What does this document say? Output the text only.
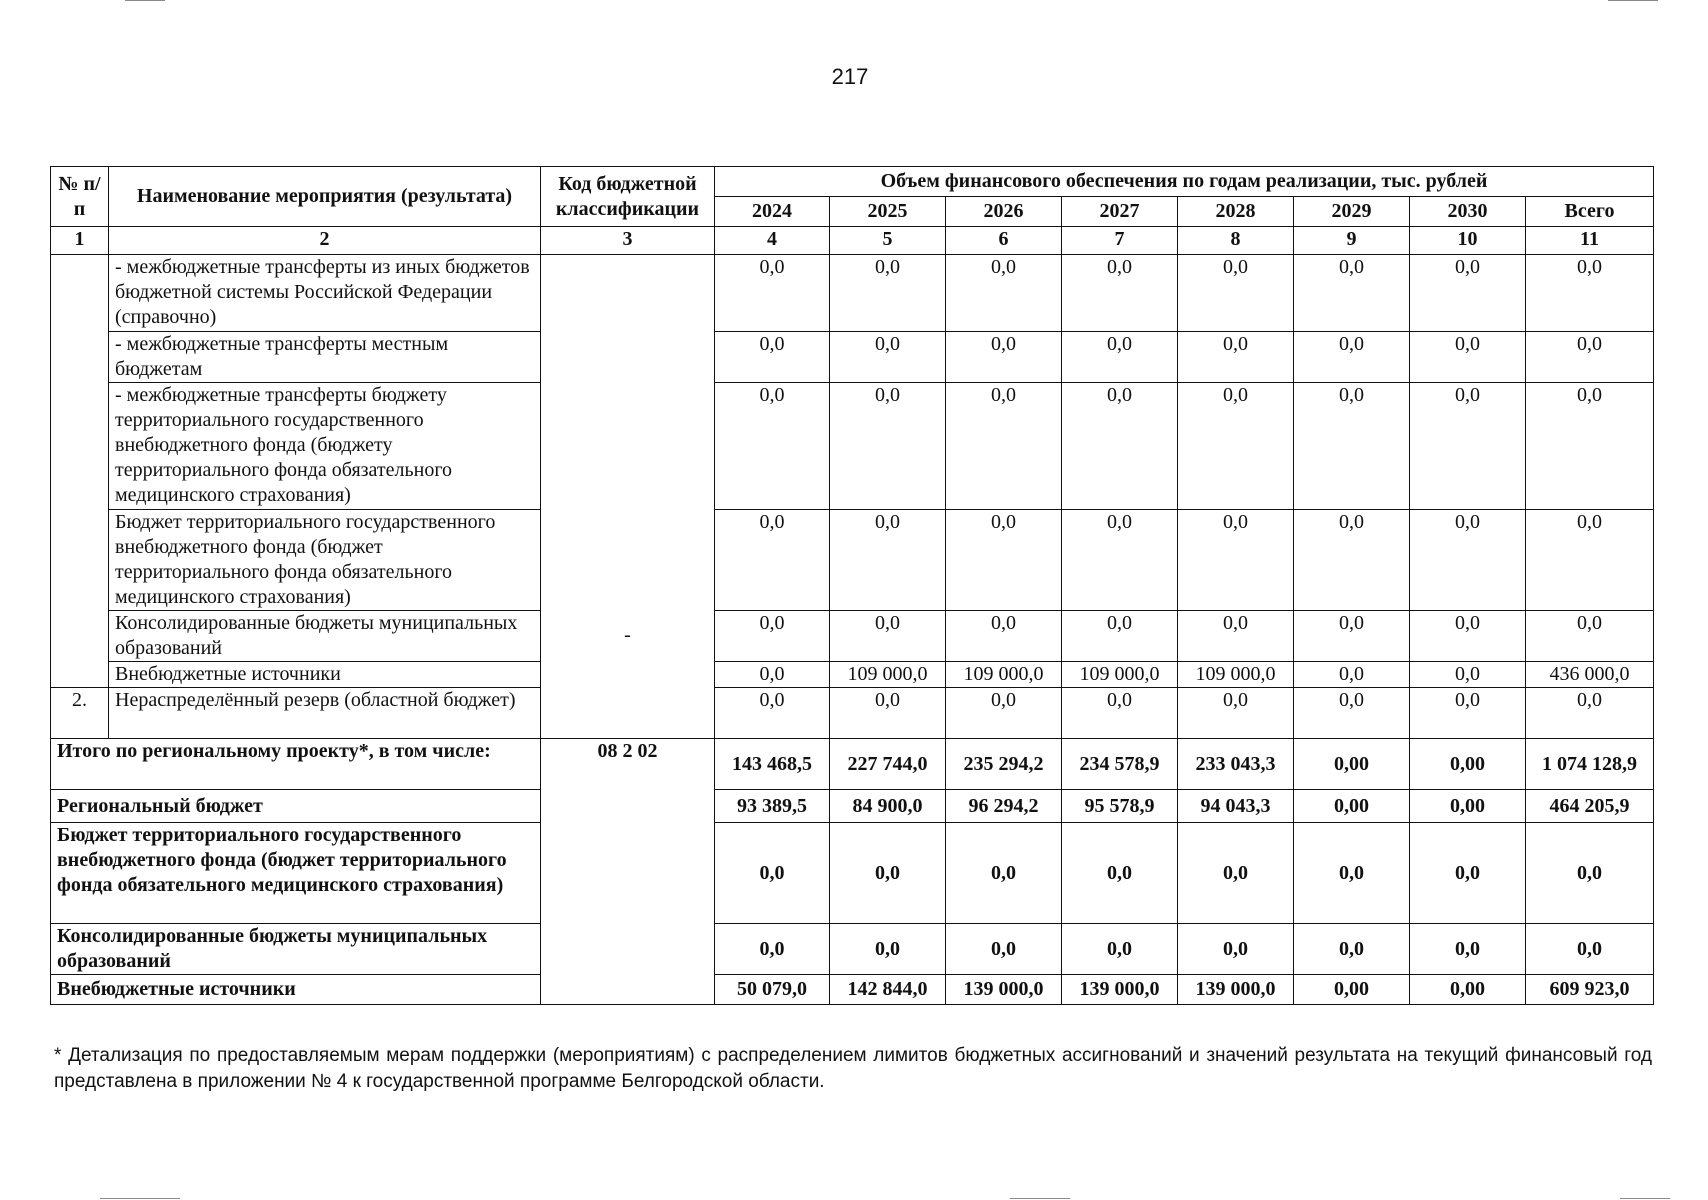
217
№ п/п	Наименование мероприятия (результата)	Код бюджетной классификации	Объем финансового обеспечения по годам реализации, тыс. рублей							
			2024	2025	2026	2027	2028	2029	2030	Всего
1	2	3	4	5	6	7	8	9	10	11
	- межбюджетные трансферты из иных бюджетов бюджетной системы Российской Федерации (справочно)	-	0,0	0,0	0,0	0,0	0,0	0,0	0,0	0,0
	- межбюджетные трансферты местным бюджетам		0,0	0,0	0,0	0,0	0,0	0,0	0,0	0,0
	- межбюджетные трансферты бюджету территориального государственного внебюджетного фонда (бюджету территориального фонда обязательного медицинского страхования)		0,0	0,0	0,0	0,0	0,0	0,0	0,0	0,0
	Бюджет территориального государственного внебюджетного фонда (бюджет территориального фонда обязательного медицинского страхования)		0,0	0,0	0,0	0,0	0,0	0,0	0,0	0,0
	Консолидированные бюджеты муниципальных образований		0,0	0,0	0,0	0,0	0,0	0,0	0,0	0,0
	Внебюджетные источники		0,0	109 000,0	109 000,0	109 000,0	109 000,0	0,0	0,0	436 000,0
2.	Нераспределённый резерв (областной бюджет)		0,0	0,0	0,0	0,0	0,0	0,0	0,0	0,0
Итого по региональному проекту*, в том числе:		08 2 02	143 468,5	227 744,0	235 294,2	234 578,9	233 043,3	0,00	0,00	1 074 128,9
Региональный бюджет			93 389,5	84 900,0	96 294,2	95 578,9	94 043,3	0,00	0,00	464 205,9
Бюджет территориального государственного внебюджетного фонда (бюджет территориального фонда обязательного медицинского страхования)			0,0	0,0	0,0	0,0	0,0	0,0	0,0	0,0
Консолидированные бюджеты муниципальных образований			0,0	0,0	0,0	0,0	0,0	0,0	0,0	0,0
Внебюджетные источники			50 079,0	142 844,0	139 000,0	139 000,0	139 000,0	0,00	0,00	609 923,0
* Детализация по предоставляемым мерам поддержки (мероприятиям) с распределением лимитов бюджетных ассигнований и значений результата на текущий финансовый год представлена в приложении № 4 к государственной программе Белгородской области.
